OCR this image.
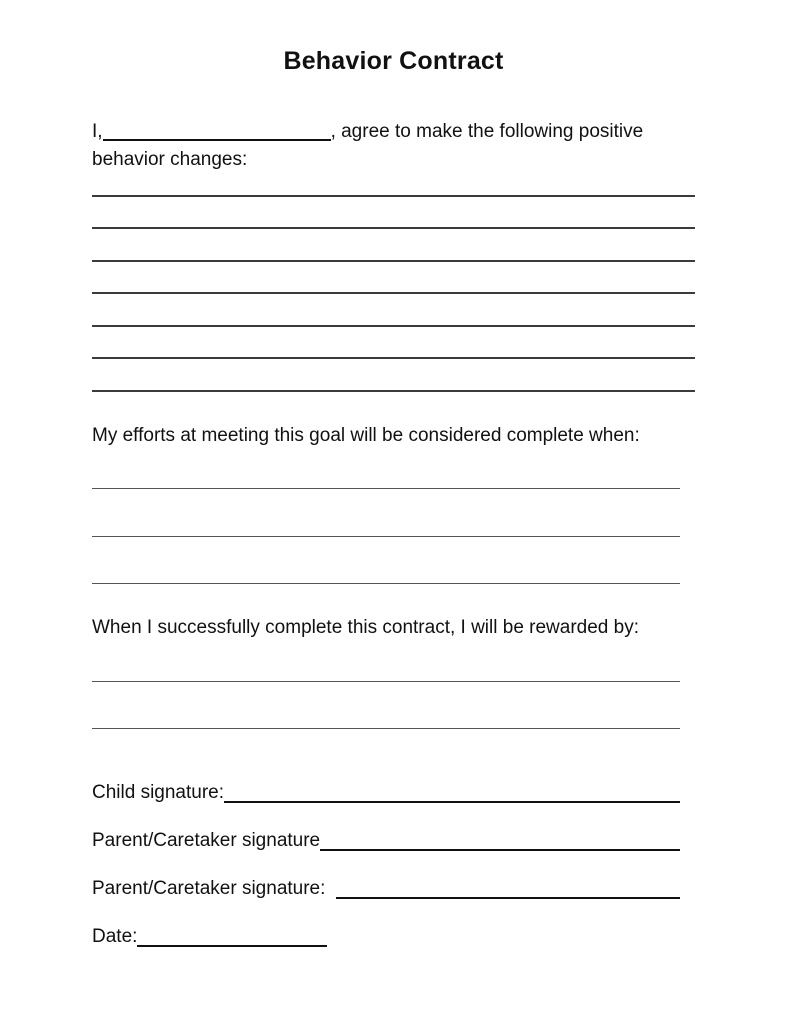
Behavior Contract

I,	, agree to make the following positive behavior changes:

My efforts at meeting this goal will be considered complete when:
When I successfully complete this contract, I will be rewarded by:
Child signature:
Parent/Caretaker signature
Parent/Caretaker signature:
Date:
